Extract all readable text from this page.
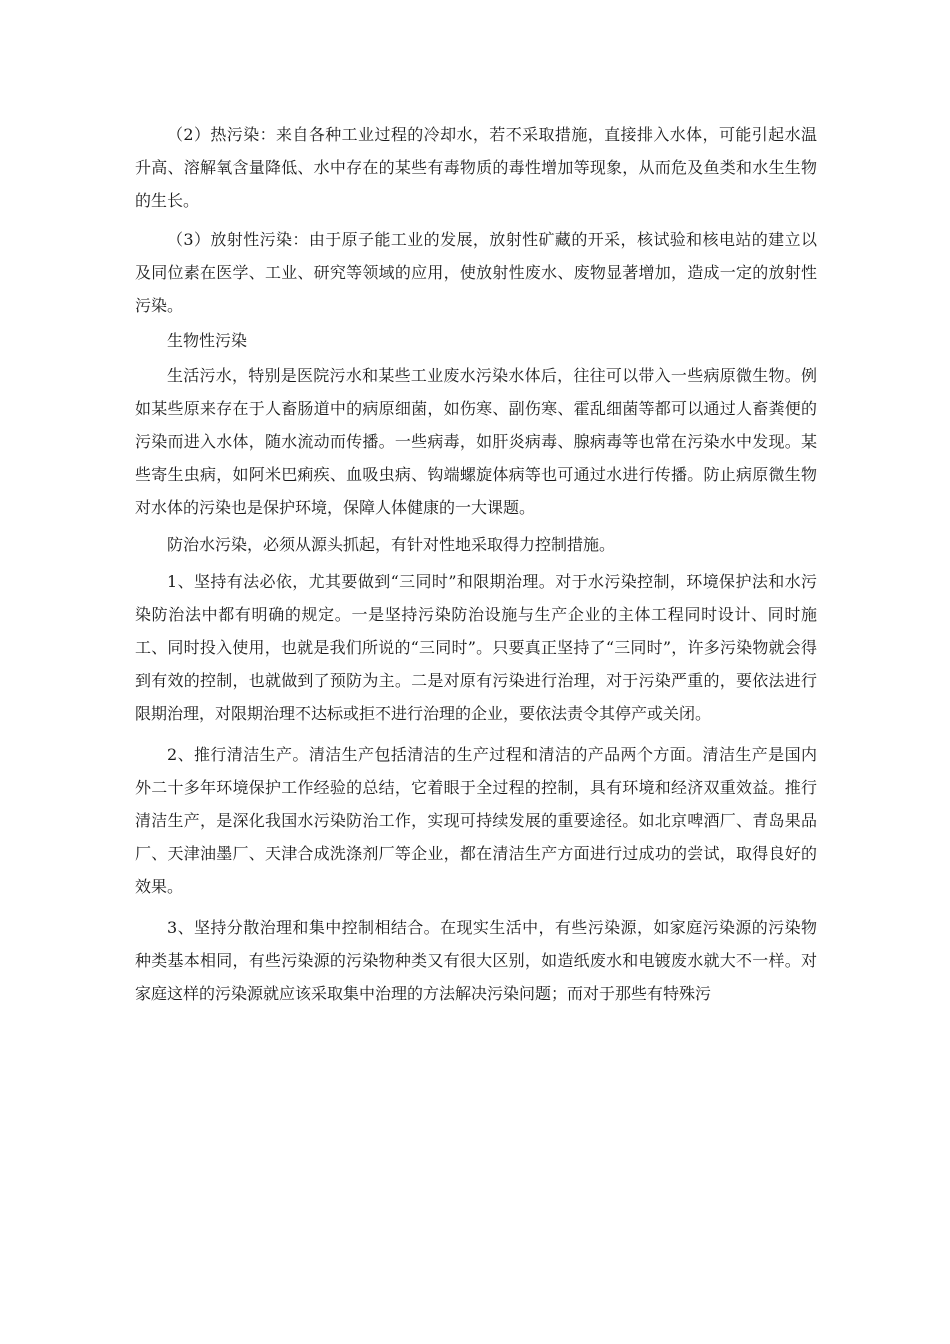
（2）热污染：来自各种工业过程的冷却水，若不采取措施，直接排入水体，可能引起水温升高、溶解氧含量降低、水中存在的某些有毒物质的毒性增加等现象，从而危及鱼类和水生生物的生长。

（3）放射性污染：由于原子能工业的发展，放射性矿藏的开采，核试验和核电站的建立以及同位素在医学、工业、研究等领域的应用，使放射性废水、废物显著增加，造成一定的放射性污染。

生物性污染

生活污水，特别是医院污水和某些工业废水污染水体后，往往可以带入一些病原微生物。例如某些原来存在于人畜肠道中的病原细菌，如伤寒、副伤寒、霍乱细菌等都可以通过人畜粪便的污染而进入水体，随水流动而传播。一些病毒，如肝炎病毒、腺病毒等也常在污染水中发现。某些寄生虫病，如阿米巴痢疾、血吸虫病、钩端螺旋体病等也可通过水进行传播。防止病原微生物对水体的污染也是保护环境，保障人体健康的一大课题。

防治水污染，必须从源头抓起，有针对性地采取得力控制措施。

1、坚持有法必依，尤其要做到“三同时”和限期治理。对于水污染控制，环境保护法和水污染防治法中都有明确的规定。一是坚持污染防治设施与生产企业的主体工程同时设计、同时施工、同时投入使用，也就是我们所说的“三同时”。只要真正坚持了“三同时”，许多污染物就会得到有效的控制，也就做到了预防为主。二是对原有污染进行治理，对于污染严重的，要依法进行限期治理，对限期治理不达标或拒不进行治理的企业，要依法责令其停产或关闭。

2、推行清洁生产。清洁生产包括清洁的生产过程和清洁的产品两个方面。清洁生产是国内外二十多年环境保护工作经验的总结，它着眼于全过程的控制，具有环境和经济双重效益。推行清洁生产，是深化我国水污染防治工作，实现可持续发展的重要途径。如北京啤酒厂、青岛果品厂、天津油墨厂、天津合成洗涤剂厂等企业，都在清洁生产方面进行过成功的尝试，取得良好的效果。

3、坚持分散治理和集中控制相结合。在现实生活中，有些污染源，如家庭污染源的污染物种类基本相同，有些污染源的污染物种类又有很大区别，如造纸废水和电镀废水就大不一样。对家庭这样的污染源就应该采取集中治理的方法解决污染问题；而对于那些有特殊污
